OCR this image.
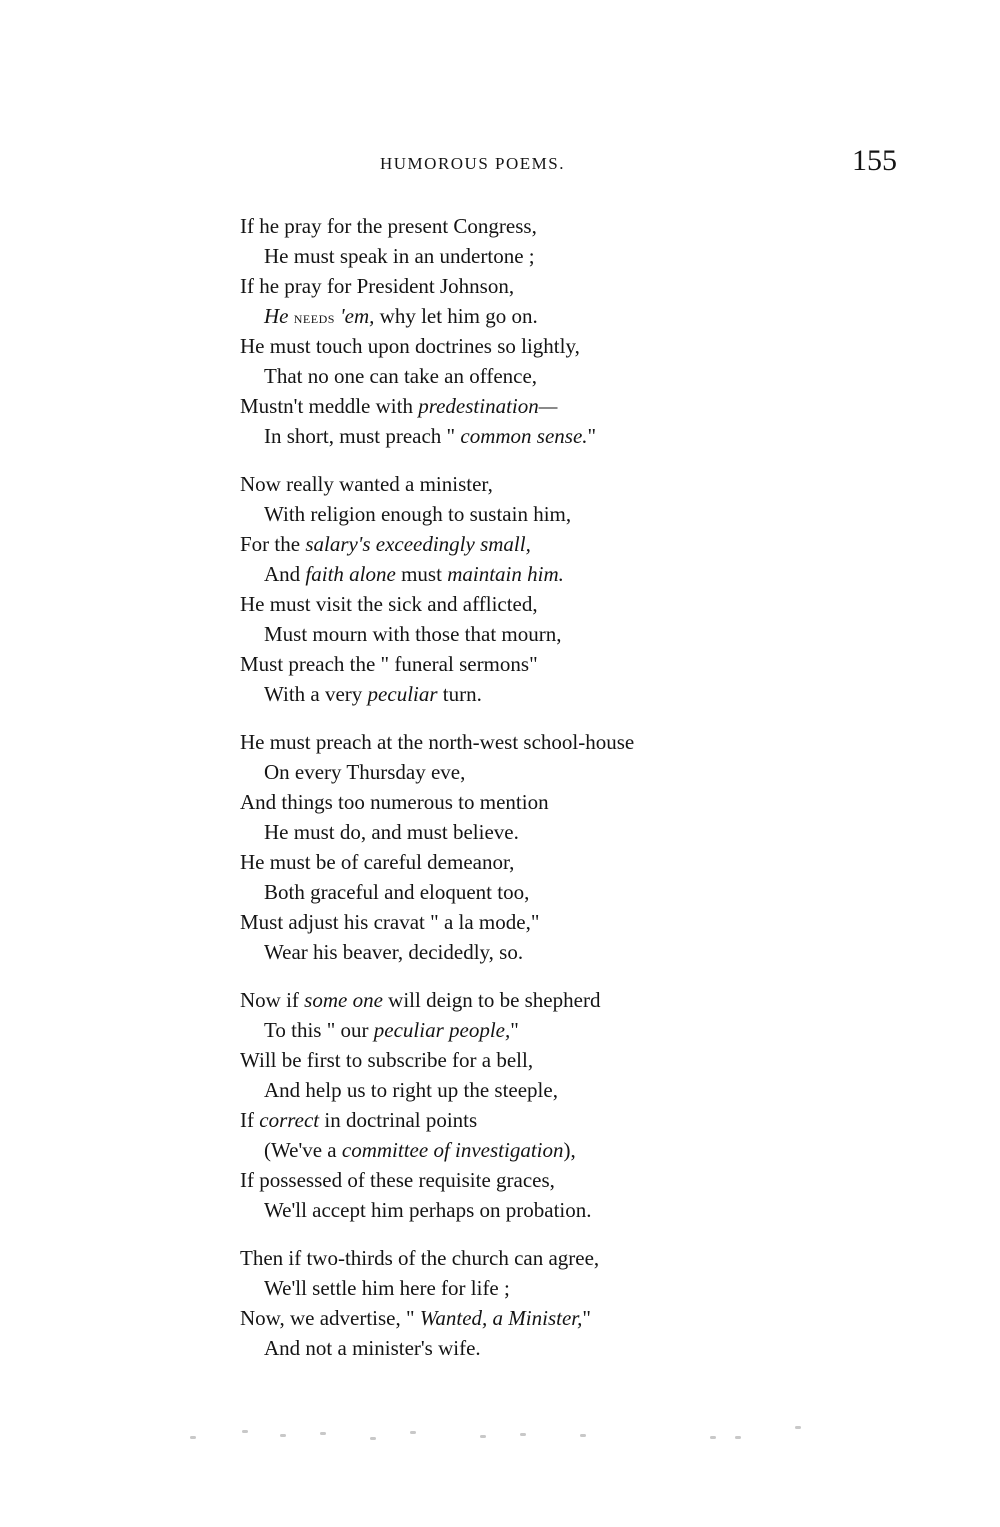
HUMOROUS POEMS.	155
If he pray for the present Congress,
He must speak in an undertone ;
If he pray for President Johnson,
He needs 'em, why let him go on.
He must touch upon doctrines so lightly,
That no one can take an offence,
Mustn't meddle with predestination—
In short, must preach " common sense."
Now really wanted a minister,
With religion enough to sustain him,
For the salary's exceedingly small,
And faith alone must maintain him.
He must visit the sick and afflicted,
Must mourn with those that mourn,
Must preach the " funeral sermons"
With a very peculiar turn.
He must preach at the north-west school-house
On every Thursday eve,
And things too numerous to mention
He must do, and must believe.
He must be of careful demeanor,
Both graceful and eloquent too,
Must adjust his cravat " a la mode,"
Wear his beaver, decidedly, so.
Now if some one will deign to be shepherd
To this " our peculiar people,"
Will be first to subscribe for a bell,
And help us to right up the steeple,
If correct in doctrinal points
(We've a committee of investigation),
If possessed of these requisite graces,
We'll accept him perhaps on probation.
Then if two-thirds of the church can agree,
We'll settle him here for life ;
Now, we advertise, " Wanted, a Minister,"
And not a minister's wife.
